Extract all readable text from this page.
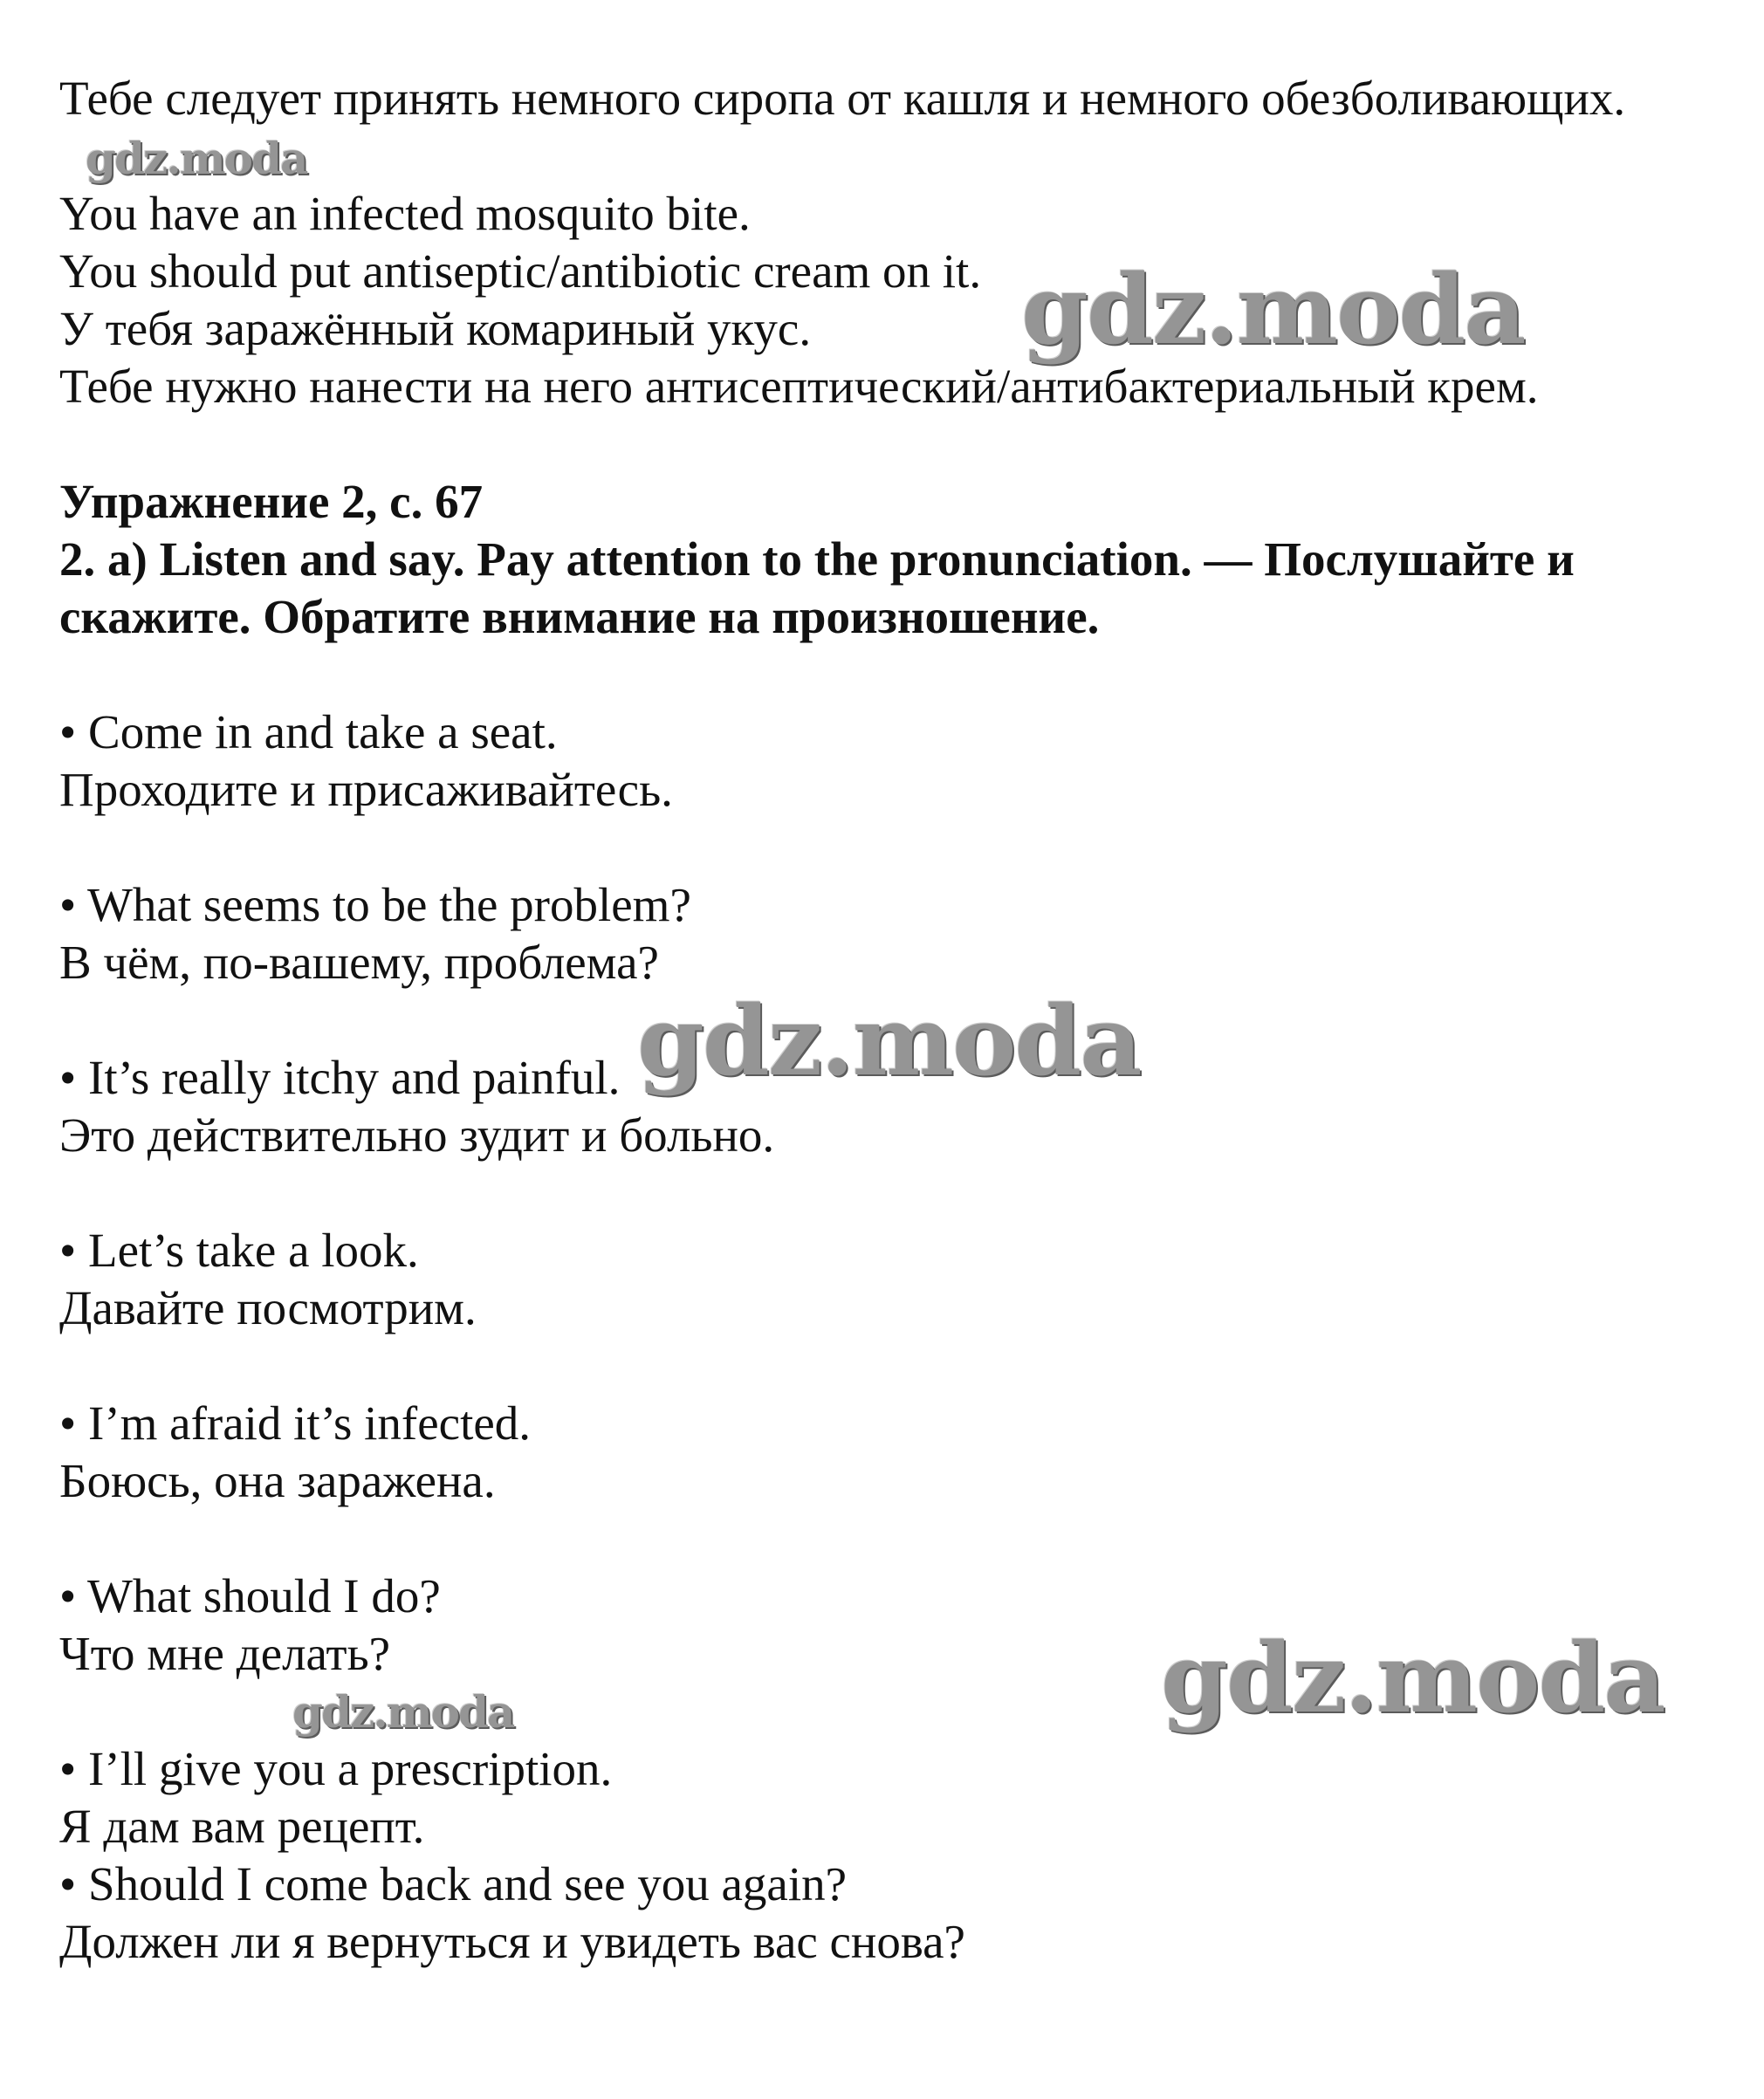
Тебе следует принять немного сиропа от кашля и немного обезболивающих.

You have an infected mosquito bite.

You should put antiseptic/antibiotic cream on it.

У тебя заражённый комариный укус.

Тебе нужно нанести на него антисептический/антибактериальный крем.

Упражнение 2, с. 67

2. a) Listen and say. Pay attention to the pronunciation. — Послушайте и

скажите. Обратите внимание на произношение.

• Come in and take a seat.

Проходите и присаживайтесь.

• What seems to be the problem?

В чём, по-вашему, проблема?

• It’s really itchy and painful.

Это действительно зудит и больно.

• Let’s take a look.

Давайте посмотрим.

• I’m afraid it’s infected.

Боюсь, она заражена.

• What should I do?

Что мне делать?

• I’ll give you a prescription.

Я дам вам рецепт.

• Should I come back and see you again?

Должен ли я вернуться и увидеть вас снова?

gdz.moda

gdz.moda

gdz.moda

gdz.moda

gdz.moda
